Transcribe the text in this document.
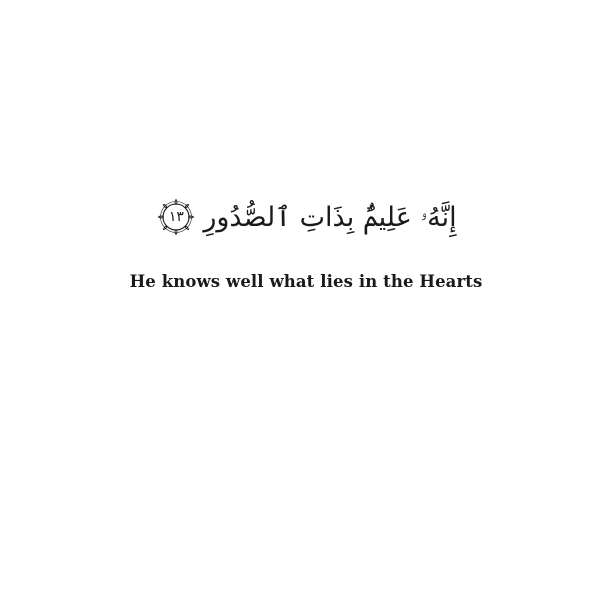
إِنَّهُۥ عَلِيمٌۢ بِذَاتِ ٱلصُّدُورِ
١٣
He knows well what lies in the Hearts
